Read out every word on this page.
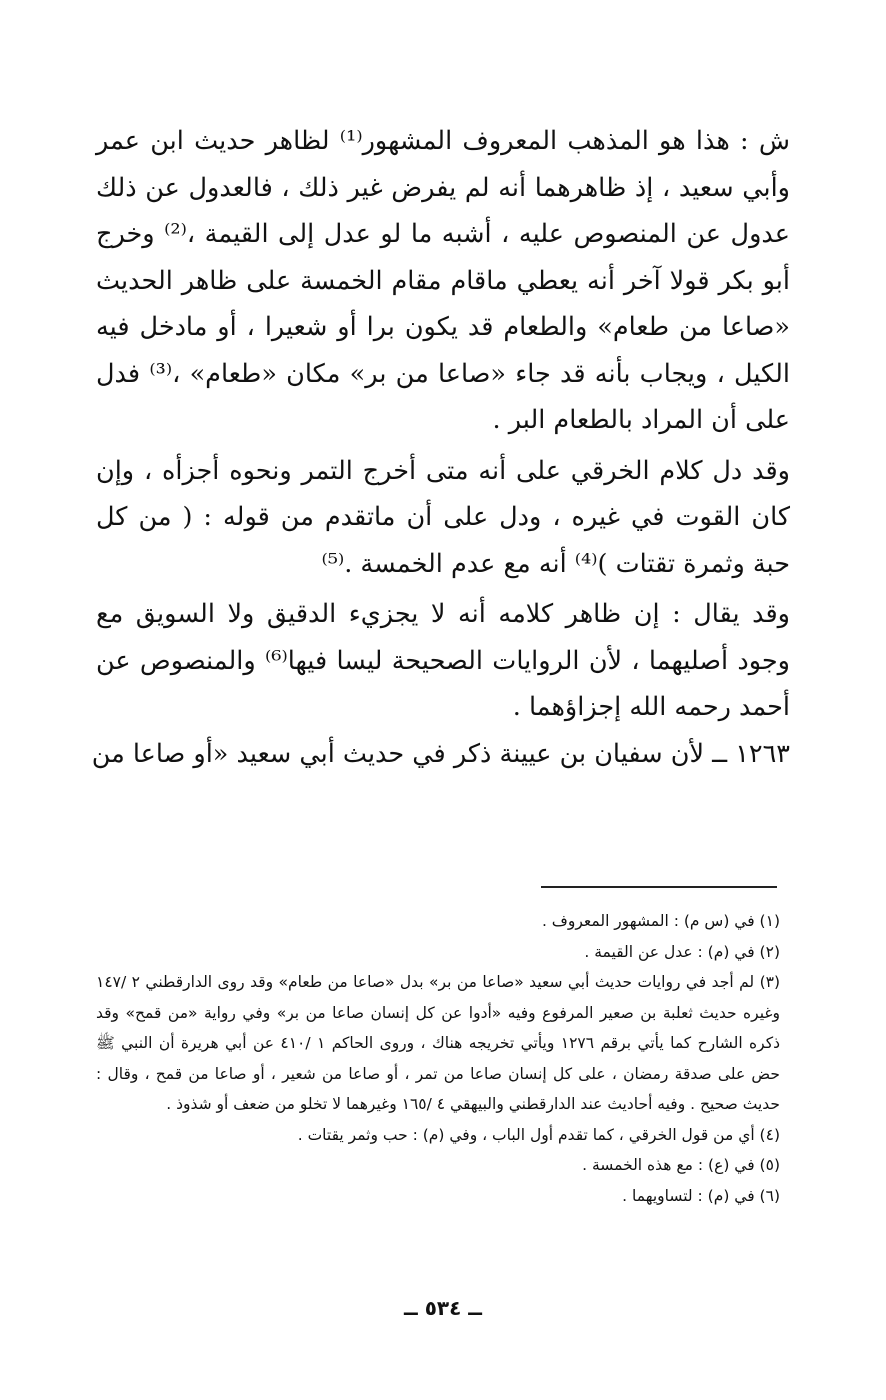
ش : هذا هو المذهب المعروف المشهور⁽¹⁾ لظاهر حديث ابن عمر وأبي سعيد ، إذ ظاهرهما أنه لم يفرض غير ذلك ، فالعدول عن ذلك عدول عن المنصوص عليه ، أشبه ما لو عدل إلى القيمة ،⁽²⁾ وخرج أبو بكر قولا آخر أنه يعطي ماقام مقام الخمسة على ظاهر الحديث «صاعا من طعام» والطعام قد يكون برا أو شعيرا ، أو مادخل فيه الكيل ، ويجاب بأنه قد جاء «صاعا من بر» مكان «طعام» ،⁽³⁾ فدل على أن المراد بالطعام البر .

وقد دل كلام الخرقي على أنه متى أخرج التمر ونحوه أجزأه ، وإن كان القوت في غيره ، ودل على أن ماتقدم من قوله : ( من كل حبة وثمرة تقتات )⁽⁴⁾ أنه مع عدم الخمسة .⁽⁵⁾

وقد يقال : إن ظاهر كلامه أنه لا يجزيء الدقيق ولا السويق مع وجود أصليهما ، لأن الروايات الصحيحة ليسا فيها⁽⁶⁾ والمنصوص عن أحمد رحمه الله إجزاؤهما .

١٢٦٣ ــ لأن سفيان بن عيينة ذكر في حديث أبي سعيد «أو صاعا من

(١) في (س م) : المشهور المعروف .
(٢) في (م) : عدل عن القيمة .
(٣) لم أجد في روايات حديث أبي سعيد «صاعا من بر» بدل «صاعا من طعام» وقد روى الدارقطني ٢ /١٤٧ وغيره حديث ثعلبة بن صعير المرفوع وفيه «أدوا عن كل إنسان صاعا من بر» وفي رواية «من قمح» وقد ذكره الشارح كما يأتي برقم ١٢٧٦ ويأتي تخريجه هناك ، وروى الحاكم ١ /٤١٠ عن أبي هريرة أن النبي ﷺ حض على صدقة رمضان ، على كل إنسان صاعا من تمر ، أو صاعا من شعير ، أو صاعا من قمح ، وقال : حديث صحيح . وفيه أحاديث عند الدارقطني والبيهقي ٤ /١٦٥ وغيرهما لا تخلو من ضعف أو شذوذ .
(٤) أي من قول الخرقي ، كما تقدم أول الباب ، وفي (م) : حب وثمر يقتات .
(٥) في (ع) : مع هذه الخمسة .
(٦) في (م) : لتساويهما .
ــ ٥٣٤ ــ
